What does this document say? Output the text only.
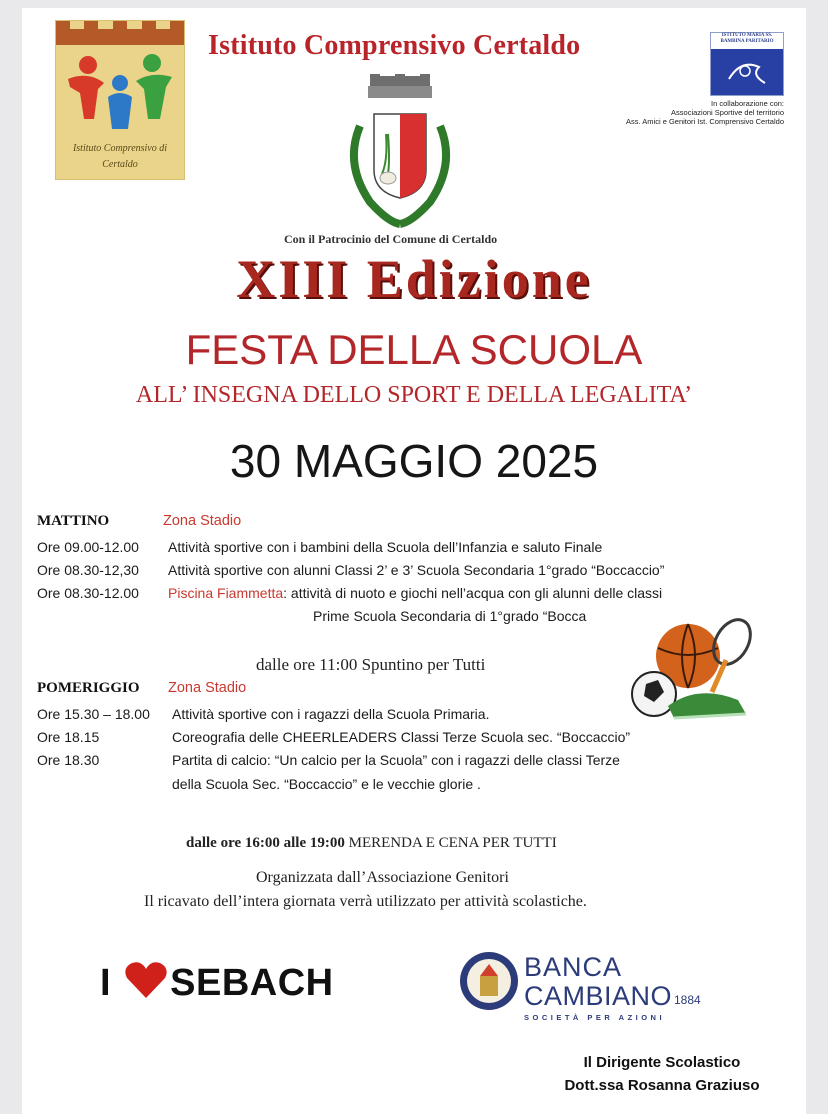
Istituto Comprensivo di Certaldo
Istituto Comprensivo Certaldo	ISTITUTO MARIA SS. BAMBINA PARITARIO
In collaborazione con:
Associazioni Sportive del territorio
Ass. Amici e Genitori Ist. Comprensivo Certaldo
Con il Patrocinio del Comune di Certaldo
XIII Edizione
FESTA DELLA SCUOLA
ALL’ INSEGNA DELLO SPORT E DELLA LEGALITA’
30 MAGGIO 2025
MATTINO	Zona Stadio
Ore 09.00-12.00 Attività sportive con i bambini della Scuola dell’Infanzia e saluto Finale
Ore 08.30-12,30 Attività sportive con alunni Classi 2’ e 3’ Scuola Secondaria 1°grado “Boccaccio”
Ore 08.30-12.00 Piscina Fiammetta: attività di nuoto e giochi nell’acqua con gli alunni delle classi
Prime Scuola Secondaria di 1°grado “Bocca
dalle ore 11:00 Spuntino per Tutti
POMERIGGIO Zona Stadio
Ore 15.30 – 18.00 Attività sportive con i ragazzi della Scuola Primaria.
Ore 18.15	Coreografia delle CHEERLEADERS Classi Terze Scuola sec. “Boccaccio”
Ore 18.30	Partita di calcio: “Un calcio per la Scuola” con i ragazzi delle classi Terze
della Scuola Sec. “Boccaccio” e le vecchie glorie .
dalle ore 16:00 alle 19:00 MERENDA E CENA PER TUTTI
Organizzata dall’Associazione Genitori
Il ricavato dell’intera giornata verrà utilizzato per attività scolastiche.
I SEBACH	BANCA
CAMBIANO 1884
SOCIETÀ PER AZIONI
Il Dirigente Scolastico
Dott.ssa Rosanna Graziuso
